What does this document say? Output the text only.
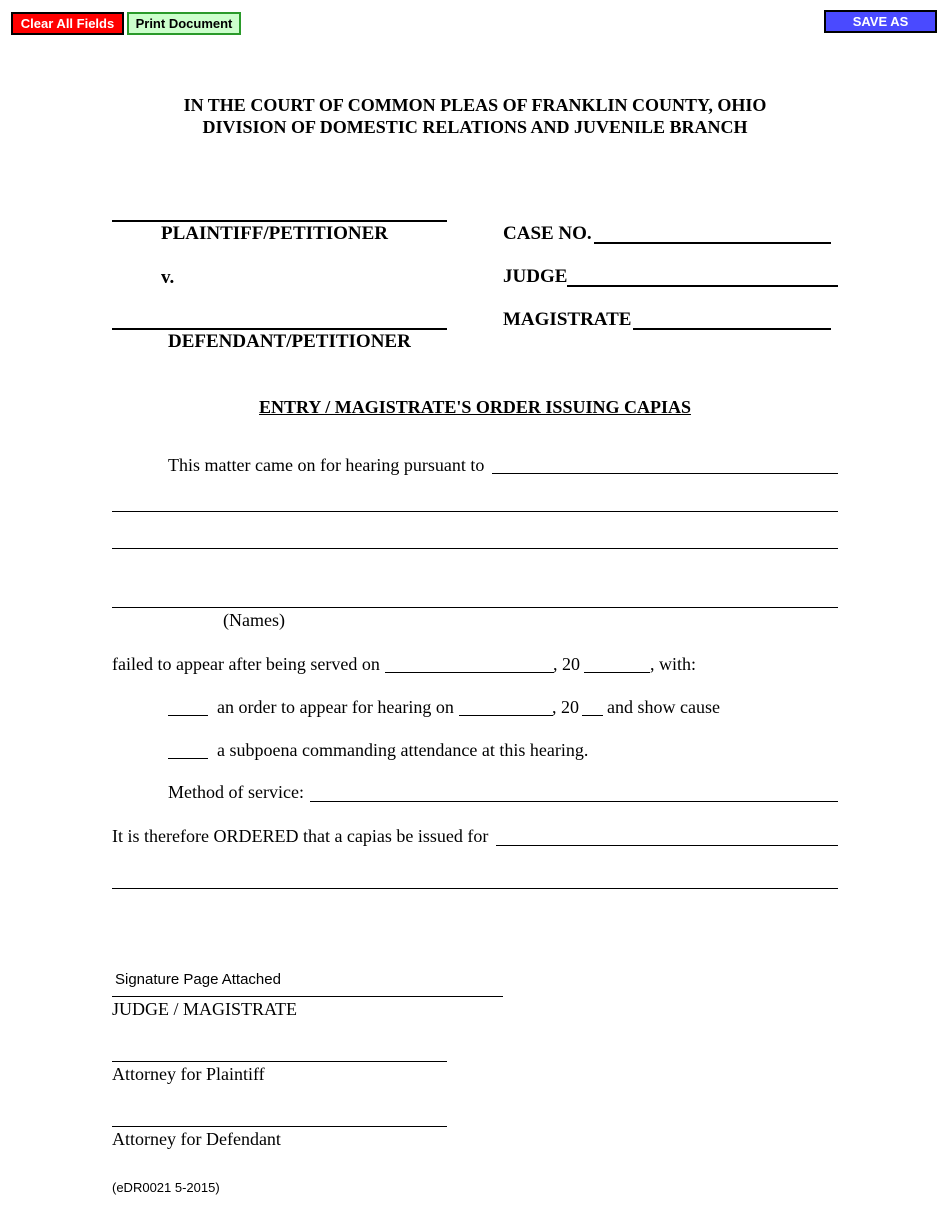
Clear All Fields	Print Document	SAVE AS
IN THE COURT OF COMMON PLEAS OF FRANKLIN COUNTY, OHIO
DIVISION OF DOMESTIC RELATIONS AND JUVENILE BRANCH
PLAINTIFF/PETITIONER
v.
DEFENDANT/PETITIONER
CASE NO.
JUDGE
MAGISTRATE
ENTRY / MAGISTRATE'S ORDER ISSUING CAPIAS
This matter came on for hearing pursuant to
(Names)
failed to appear after being served on	, 20	, with:
an order to appear for hearing on	, 20 and show cause
a subpoena commanding attendance at this hearing.
Method of service:
It is therefore ORDERED that a capias be issued for
Signature Page Attached
JUDGE / MAGISTRATE
Attorney for Plaintiff
Attorney for Defendant
(eDR0021 5-2015)
